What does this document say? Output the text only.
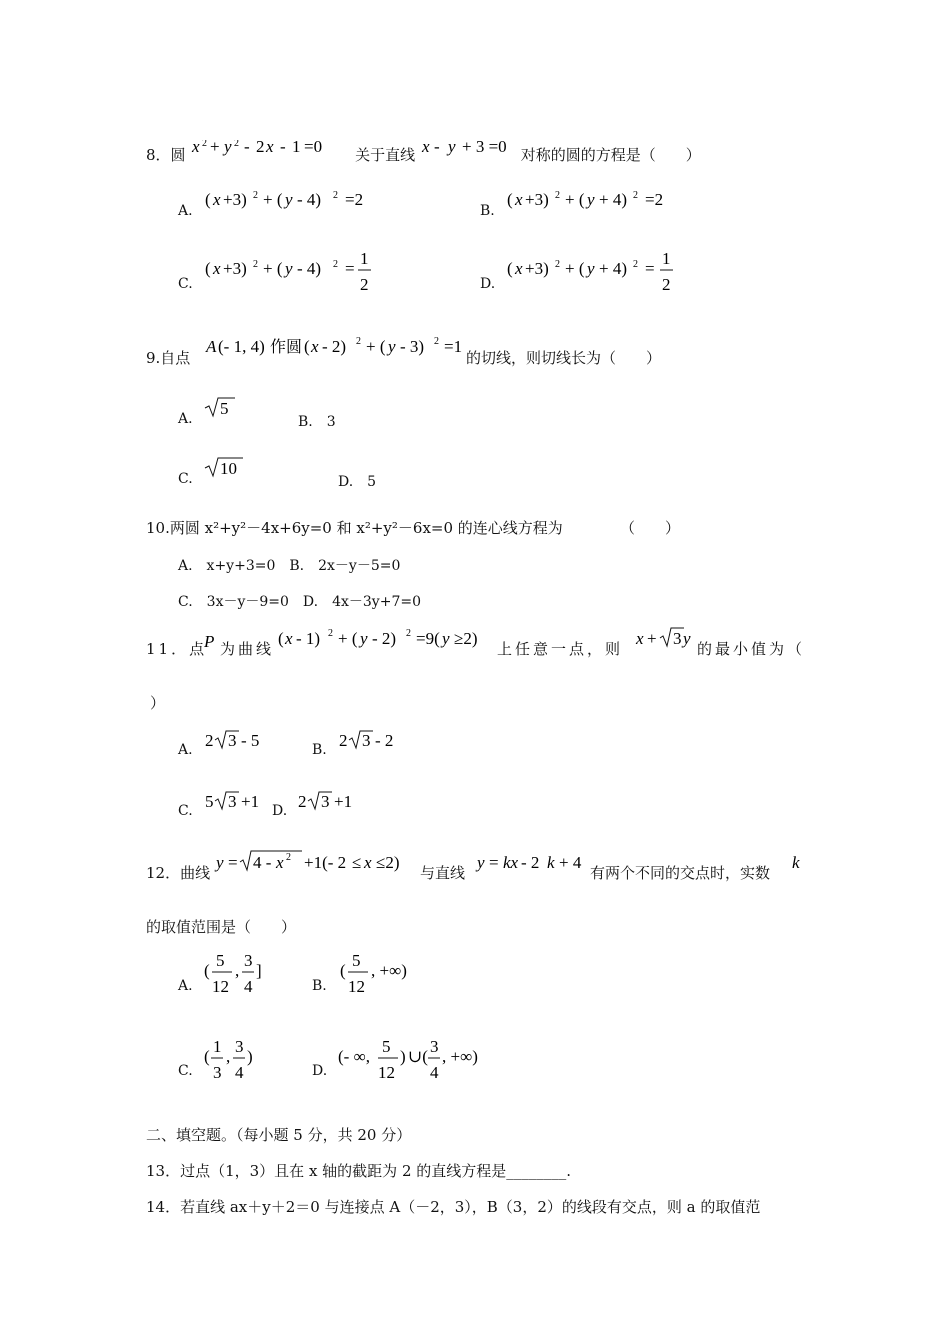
8．圆 x 2 + y 2 - 2 x - 1 =0 关于直线 x - y + 3 =0 对称的圆的方程是（　　）
A.
( x +3) 2 + ( y - 4) 2 =2
B.
( x +3) 2 + ( y + 4) 2 =2
C.
( x +3) 2 + ( y - 4) 2 =
1
2	D.
( x +3) 2 + ( y + 4) 2 =
1
2
9.自点
A (- 1, 4) 作圆 ( x - 2) 2 + ( y - 3) 2 =1
的切线，则切线长为（　　）
A.
5
B.　3
C.
10
D.　5
10.两圆 x²+y²－4x+6y=0 和 x²+y²－6x=0 的连心线方程为	（　　）
A.　x+y+3=0　B.　2x－y－5=0
C.　3x－y－9=0　D.　4x－3y+7=0
11．点
P 为曲线
( x - 1) 2 + ( y - 2) 2 =9( y ≥2)
上任意一点，则
x + 3 y
的最小值为（
）
A. 2 3 - 5	B. 2 3 - 2
C. 5 3 +1 D. 2 3 +1
12．曲线
y = 4 - x 2 +1(- 2 ≤ x ≤2)
与直线
y = kx - 2 k + 4
有两个不同的交点时，实数
k
的取值范围是（　　）
A.
(
5
12
,
3
4
]
B.
(
5
12
, +∞)
C.
(
1
3
,
3
4
)
D.
(- ∞,
5
12
) ∪(
3
4
, +∞)
二、填空题。（每小题 5 分，共 20 分）
13．过点（1，3）且在 x 轴的截距为 2 的直线方程是________.
14．若直线 ax＋y＋2＝0 与连接点 A（－2，3），B（3，2）的线段有交点，则 a 的取值范
